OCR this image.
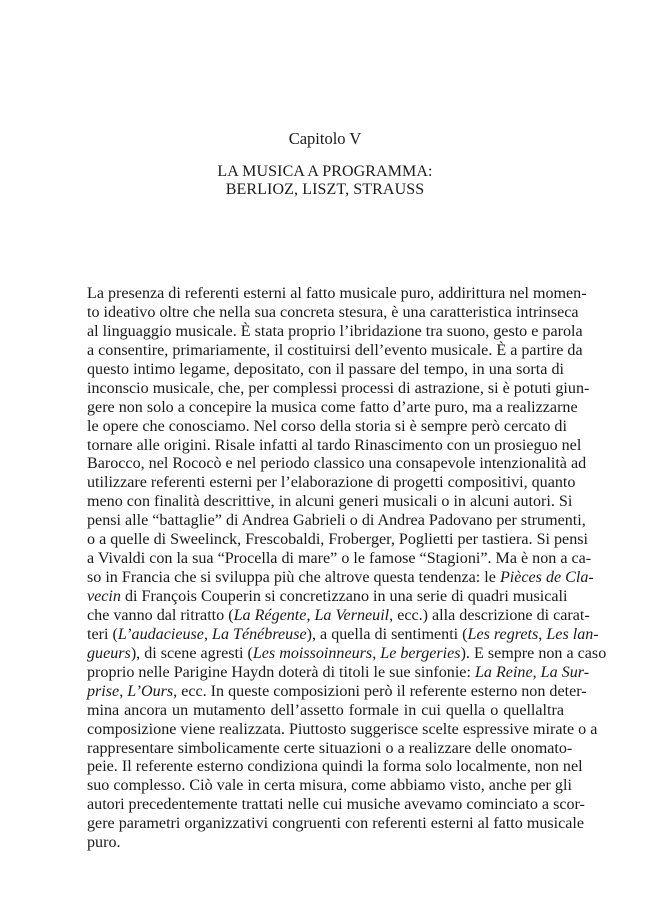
Capitolo V
LA MUSICA A PROGRAMMA:
BERLIOZ, LISZT, STRAUSS
La presenza di referenti esterni al fatto musicale puro, addirittura nel momen-
to ideativo oltre che nella sua concreta stesura, è una caratteristica intrinseca
al linguaggio musicale. È stata proprio l’ibridazione tra suono, gesto e parola
a consentire, primariamente, il costituirsi dell’evento musicale. È a partire da
questo intimo legame, depositato, con il passare del tempo, in una sorta di
inconscio musicale, che, per complessi processi di astrazione, si è potuti giun-
gere non solo a concepire la musica come fatto d’arte puro, ma a realizzarne
le opere che conosciamo. Nel corso della storia si è sempre però cercato di
tornare alle origini. Risale infatti al tardo Rinascimento con un prosieguo nel
Barocco, nel Rococò e nel periodo classico una consapevole intenzionalità ad
utilizzare referenti esterni per l’elaborazione di progetti compositivi, quanto
meno con finalità descrittive, in alcuni generi musicali o in alcuni autori. Si
pensi alle “battaglie” di Andrea Gabrieli o di Andrea Padovano per strumenti,
o a quelle di Sweelinck, Frescobaldi, Froberger, Poglietti per tastiera. Si pensi
a Vivaldi con la sua “Procella di mare” o le famose “Stagioni”. Ma è non a ca-
so in Francia che si sviluppa più che altrove questa tendenza: le Pièces de Cla-
vecin di François Couperin si concretizzano in una serie di quadri musicali
che vanno dal ritratto (La Régente, La Verneuil, ecc.) alla descrizione di carat-
teri (L’audacieuse, La Ténébreuse), a quella di sentimenti (Les regrets, Les lan-
gueurs), di scene agresti (Les moissoinneurs, Le bergeries). E sempre non a caso
proprio nelle Parigine Haydn doterà di titoli le sue sinfonie: La Reine, La Sur-
prise, L’Ours, ecc. In queste composizioni però il referente esterno non deter-
mina ancora un mutamento dell’assetto formale in cui quella o quellaltra
composizione viene realizzata. Piuttosto suggerisce scelte espressive mirate o a
rappresentare simbolicamente certe situazioni o a realizzare delle onomato-
peie. Il referente esterno condiziona quindi la forma solo localmente, non nel
suo complesso. Ciò vale in certa misura, come abbiamo visto, anche per gli
autori precedentemente trattati nelle cui musiche avevamo cominciato a scor-
gere parametri organizzativi congruenti con referenti esterni al fatto musicale
puro.
